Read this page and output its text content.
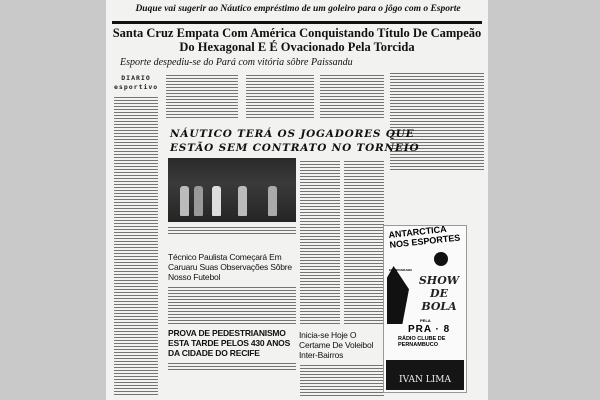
Duque vai sugerir ao Náutico empréstimo de um goleiro para o jôgo com o Esporte
Santa Cruz Empata Com América Conquistando Título De Campeão Do Hexagonal E É Ovacionado Pela Torcida
Esporte despediu-se do Pará com vitória sôbre Paissandu
DIARIO
esportivo
NÁUTICO TERÁ OS JOGADORES QUE ESTÃO SEM CONTRATO NO TORNEIO
Técnico Paulista Começará Em Caruaru Suas Observações Sôbre Nosso Futebol
PROVA DE PEDESTRIANISMO ESTA TARDE PELOS 430 ANOS DA CIDADE DO RECIFE
Inicia-se Hoje O Certame De Voleibol Inter-Bairros
ANTARCTICA NOS ESPORTES
EM PROGRAMA
SHOW DE BOLA
PELA
PRA · 8
RÁDIO CLUBE DE PERNAMBUCO
IVAN LIMA
